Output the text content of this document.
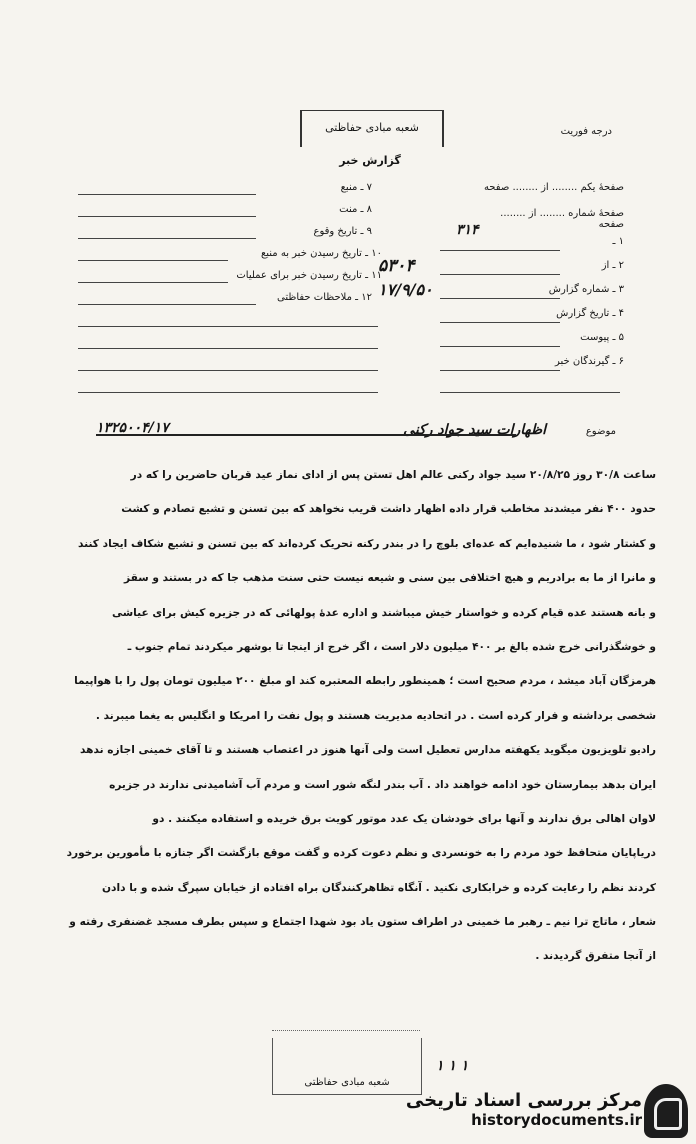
شعبه مبادی حفاظتی
گزارش خبر
درجه فوریت
صفحهٔ یکم ........ از ........ صفحه
صفحهٔ شماره ........ از ........ صفحه
۱ ـ
۳۱۴
۲ ـ از
۳ ـ شماره گزارش
۴ ـ تاریخ گزارش
۵ ـ پیوست
۶ ـ گیرندگان خبر
۷ ـ منبع
۸ ـ منت
۹ ـ تاریخ وقوع
۱۰ ـ تاریخ رسیدن خبر به منبع
۱۱ ـ تاریخ رسیدن خبر برای عملیات
۱۲ ـ ملاحظات حفاظتی
۵۳۰۴
۱۷/۹/۵۰
موضوع
اظهارات سید جواد رکنی
۱۳۲۵۰۰۴/۱۷
ساعت ۳۰/۸ روز ۲۰/۸/۲۵ سید جواد رکنی عالم اهل تستن پس از ادای نماز عید قربان حاضرین را که در
حدود ۴۰۰ نفر میشدند مخاطب قرار داده اظهار داشت قریب نخواهد که بین تسنن و تشیع تصادم و کشت
و کشتار شود ، ما شنیده‌ایم که عده‌ای بلوچ را در بندر رکنه تحریک کرده‌اند که بین تسنن و تشیع شکاف ایجاد کنند
و مانرا از ما به برادریم و هیچ اختلافی بین سنی و شیعه نیست حتی سنت مذهب جا که در بستند و سقز
و بانه هستند عده قیام کرده و خواستار خیش میباشند و اداره عدهٔ پولهائی که در جزیره کیش برای عیاشی
و خوشگذرانی خرج شده بالغ بر ۴۰۰ میلیون دلار است ، اگر خرج از اینجا تا بوشهر میکردند تمام جنوب ـ
هرمزگان آباد میشد ، مردم صحیح است ؛ همینطور رابطه المعتبره کند او مبلغ ۲۰۰ میلیون تومان پول را با هواپیما
شخصی برداشته و فرار کرده است . در اتحادیه مدیریت هستند و پول نفت را امریکا و انگلیس به یغما میبرند .
رادیو تلویزیون میگوید یکهفته مدارس تعطیل است ولی آنها هنوز در اعتصاب هستند و تا آقای خمینی اجازه ندهد
ایران بدهد بیمارستان خود ادامه خواهند داد . آب بندر لنگه شور است و مردم آب آشامیدنی ندارند در جزیره
لاوان اهالی برق ندارند و آنها برای خودشان یک عدد موتور کویت برق خریده و استفاده میکنند . دو
دریاپایان متحافظ خود مردم را به خونسردی و نظم دعوت کرده و گفت موقع بازگشت اگر جنازه با مأمورین برخورد
کردند نظم را رعایت کرده و خرابکاری نکنید . آنگاه تظاهرکنندگان براه افتاده از خیابان سپرگ شده و با دادن
شعار ، ماتاج ترا نیم ـ رهبر ما خمینی در اطراف ستون یاد بود شهدا اجتماع و سپس بطرف مسجد غضنفری رفته و
از آنجا متفرق گردیدند .
شعبه مبادی حفاظتی
۱ ۱ ۱
مرکز بررسی اسناد تاریخی
historydocuments.ir
